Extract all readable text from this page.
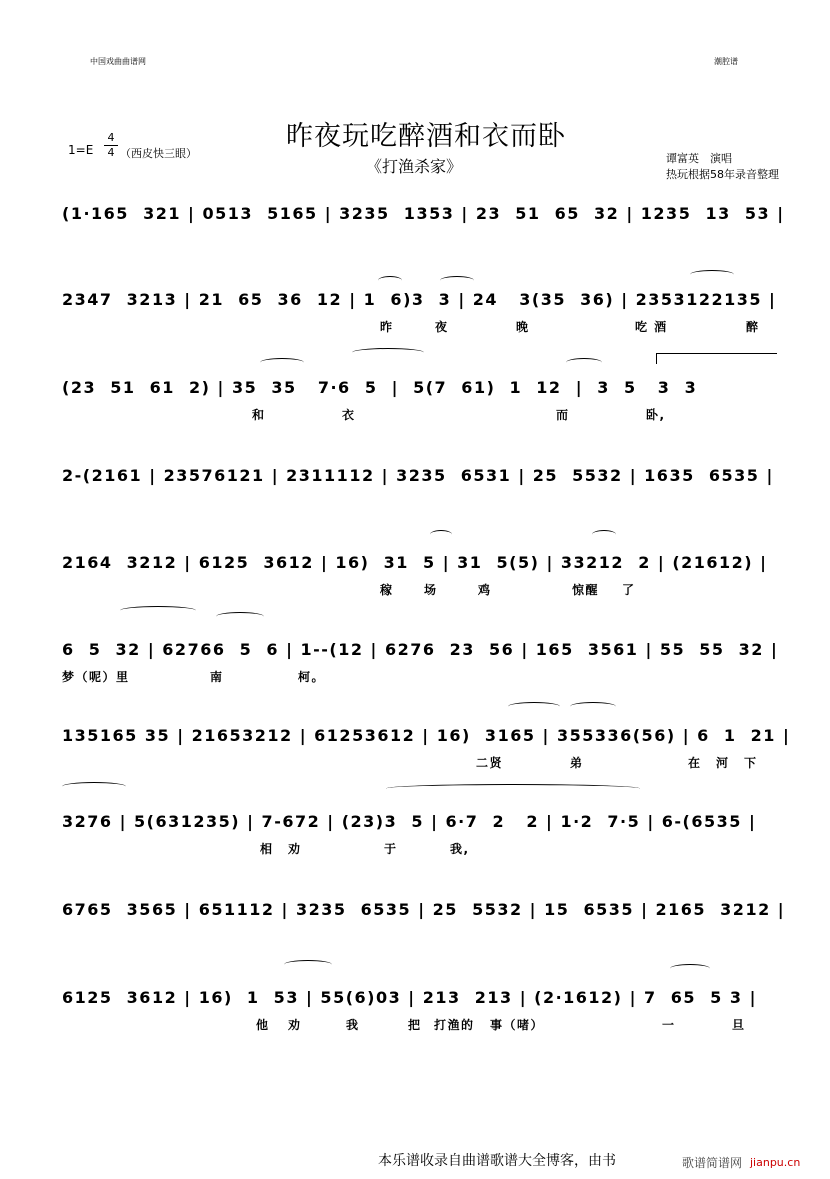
中国戏曲曲谱网	潮腔谱
昨夜玩吃醉酒和衣而卧
《打渔杀家》
1=E
4
4 （西皮快三眼）	谭富英　演唱
热玩根据58年录音整理
(1·165  321 | 0513  5165 | 3235  1353 | 23  51  65  32 | 1235  13  53 |
2347  3213 | 21  65  36  12 | 1  6)3  3 | 24   3(35  36) | 2353122135 |
昨	夜	晚	吃 酒	醉
(23  51  61  2) | 35  35   7·6  5  |  5(7  61)  1  12  |  3  5   3  3
和	衣	而	卧,
2-(2161 | 23576121 | 2311112 | 3235  6531 | 25  5532 | 1635  6535 |
2164  3212 | 6125  3612 | 16)  31  5 | 31  5(5) | 33212  2 | (21612) |
稼	场	鸡	惊醒 了
6  5  32 | 62766  5  6 | 1--(12 | 6276  23  56 | 165  3561 | 55  55  32 |
梦（呢）里	南	柯。
135165 35 | 21653212 | 61253612 | 16)  3165 | 355336(56) | 6  1  21 |
二贤	弟	在 河 下
3276 | 5(631235) | 7-672 | (23)3  5 | 6·7  2   2 | 1·2  7·5 | 6-(6535 |
相 劝	于	我,
6765  3565 | 651112 | 3235  6535 | 25  5532 | 15  6535 | 2165  3212 |
6125  3612 | 16)  1  53 | 55(6)03 | 213  213 | (2·1612) | 7  65  5 3 |
他 劝	我	把 打渔的 事（啫）	一	旦
本乐谱收录自曲谱歌谱大全博客，由书	歌谱简谱网 jianpu.cn
